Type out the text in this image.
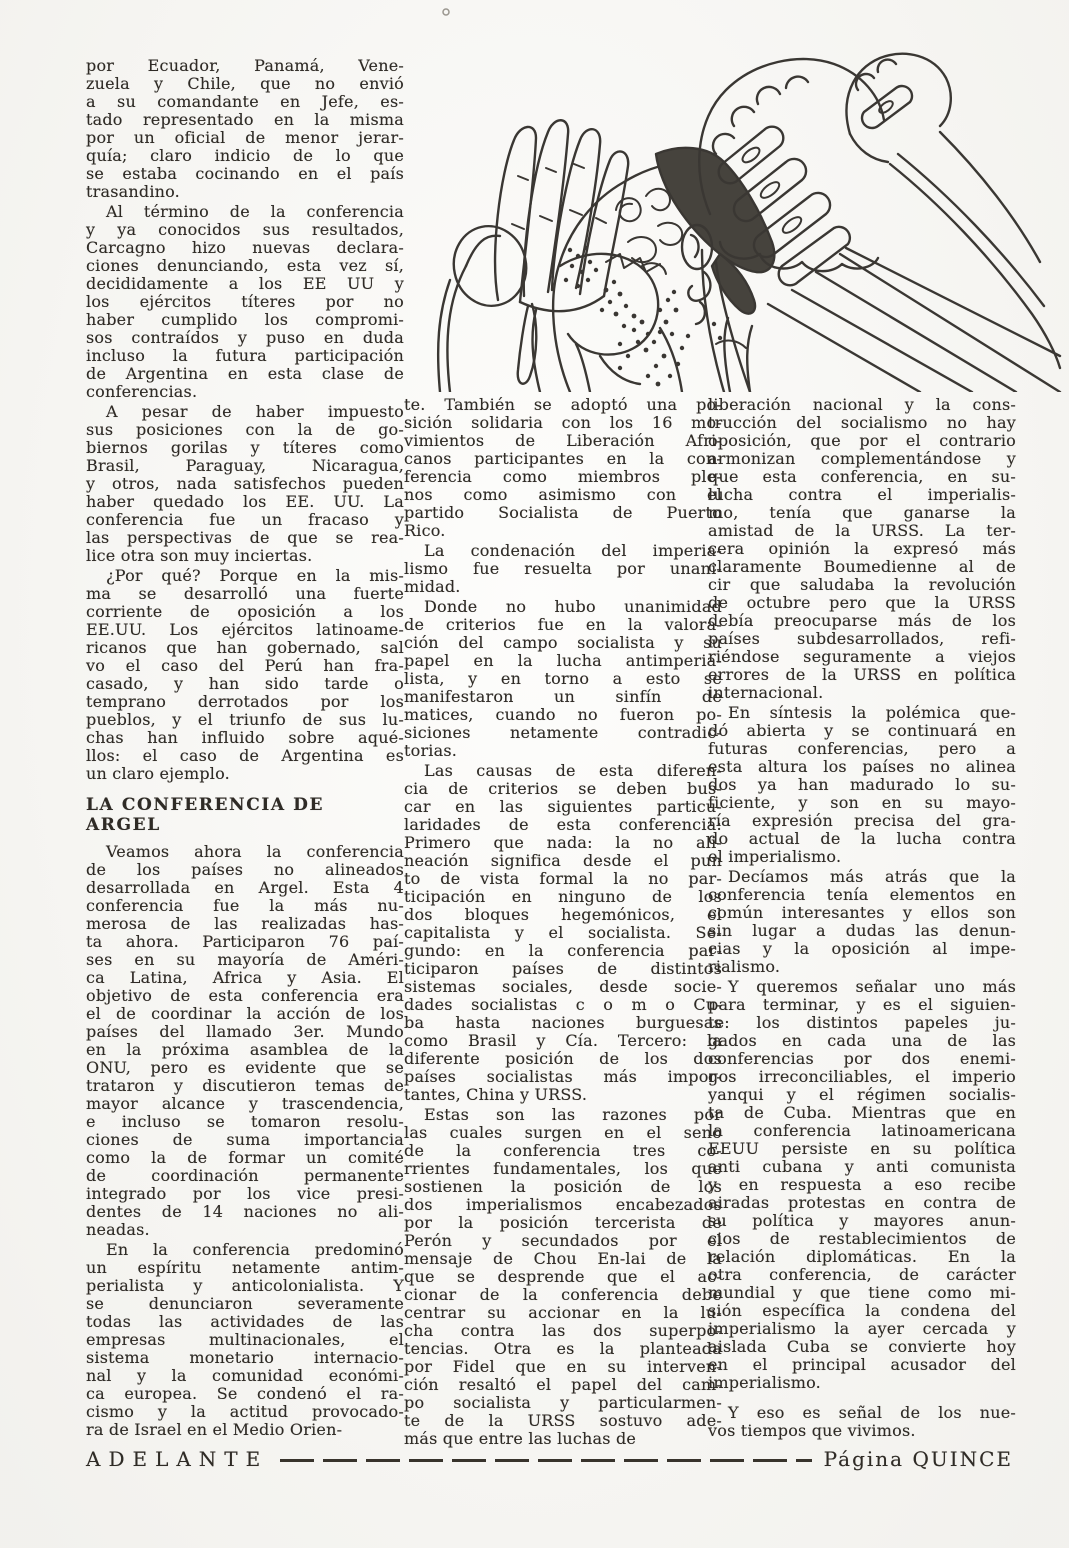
por Ecuador, Panamá, Vene-
zuela y Chile, que no envió
a su comandante en Jefe, es-
tado representado en la misma
por un oficial de menor jerar-
quía; claro indicio de lo que
se estaba cocinando en el país
trasandino.
Al término de la conferencia
y ya conocidos sus resultados,
Carcagno hizo nuevas declara-
ciones denunciando, esta vez sí,
decididamente a los EE UU y
los ejércitos títeres por no
haber cumplido los compromi-
sos contraídos y puso en duda
incluso la futura participación
de Argentina en esta clase de
conferencias.
A pesar de haber impuesto
sus posiciones con la de go-
biernos gorilas y títeres como
Brasil, Paraguay, Nicaragua,
y otros, nada satisfechos pueden
haber quedado los EE. UU. La
conferencia fue un fracaso y
las perspectivas de que se rea-
lice otra son muy inciertas.
¿Por qué? Porque en la mis-
ma se desarrolló una fuerte
corriente de oposición a los
EE.UU. Los ejércitos latinoame-
ricanos que han gobernado, sal
vo el caso del Perú han fra-
casado, y han sido tarde o
temprano derrotados por los
pueblos, y el triunfo de sus lu-
chas han influido sobre aqué-
llos: el caso de Argentina es
un claro ejemplo.
LA CONFERENCIA DE ARGEL
Veamos ahora la conferencia
de los países no alineados
desarrollada en Argel. Esta 4
conferencia fue la más nu-
merosa de las realizadas has-
ta ahora. Participaron 76 paí-
ses en su mayoría de Améri-
ca Latina, Africa y Asia. El
objetivo de esta conferencia era
el de coordinar la acción de los
países del llamado 3er. Mundo
en la próxima asamblea de la
ONU, pero es evidente que se
trataron y discutieron temas de
mayor alcance y trascendencia,
e incluso se tomaron resolu-
ciones de suma importancia
como la de formar un comité
de coordinación permanente
integrado por los vice presi-
dentes de 14 naciones no ali-
neadas.
En la conferencia predominó
un espíritu netamente antim-
perialista y anticolonialista. Y
se denunciaron severamente
todas las actividades de las
empresas multinacionales, el
sistema monetario internacio-
nal y la comunidad económi-
ca europea. Se condenó el ra-
cismo y la actitud provocado-
ra de Israel en el Medio Orien-
te. También se adoptó una po-
sición solidaria con los 16 mo-
vimientos de Liberación Afri-
canos participantes en la con-
ferencia como miembros ple-
nos como asimismo con el
partido Socialista de Puerto
Rico.
La condenación del imperia-
lismo fue resuelta por unani-
midad.
Donde no hubo unanimidad
de criterios fue en la valora-
ción del campo socialista y su
papel en la lucha antimperia-
lista, y en torno a esto se
manifestaron un sinfín de
matices, cuando no fueron po-
siciones netamente contradic-
torias.
Las causas de esta diferen-
cia de criterios se deben bus-
car en las siguientes particu-
laridades de esta conferencia:
Primero que nada: la no ali-
neación significa desde el pun
to de vista formal la no par-
ticipación en ninguno de los
dos bloques hegemónicos, el
capitalista y el socialista. Se-
gundo: en la conferencia par-
ticiparon países de distintos
sistemas sociales, desde socie-
dades socialistas c o m o Cu-
ba hasta naciones burguesas
como Brasil y Cía. Tercero: la
diferente posición de los dos
países socialistas más impor-
tantes, China y URSS.
Estas son las razones por
las cuales surgen en el seno
de la conferencia tres co-
rrientes fundamentales, los que
sostienen la posición de los
dos imperialismos encabezados
por la posición tercerista de
Perón y secundados por el
mensaje de Chou En-lai de la
que se desprende que el ac-
cionar de la conferencia debe
centrar su accionar en la lu-
cha contra las dos superpo-
tencias. Otra es la planteada
por Fidel que en su interven-
ción resaltó el papel del cam-
po socialista y particularmen-
te de la URSS sostuvo ade-
más que entre las luchas de
liberación nacional y la cons-
trucción del socialismo no hay
oposición, que por el contrario
armonizan complementándose y
que esta conferencia, en su-
lucha contra el imperialis-
mo, tenía que ganarse la
amistad de la URSS. La ter-
cera opinión la expresó más
claramente Boumedienne al de
cir que saludaba la revolución
de octubre pero que la URSS
debía preocuparse más de los
países subdesarrollados, refi-
riéndose seguramente a viejos
errores de la URSS en política
internacional.
En síntesis la polémica que-
dó abierta y se continuará en
futuras conferencias, pero a
esta altura los países no alinea
dos ya han madurado lo su-
ficiente, y son en su mayo-
ría expresión precisa del gra-
do actual de la lucha contra
el imperialismo.
Decíamos más atrás que la
conferencia tenía elementos en
común interesantes y ellos son
sin lugar a dudas las denun-
cias y la oposición al impe-
rialismo.
Y queremos señalar uno más
para terminar, y es el siguien-
te: los distintos papeles ju-
gados en cada una de las
conferencias por dos enemi-
gos irreconciliables, el imperio
yanqui y el régimen socialis-
ta de Cuba. Mientras que en
la conferencia latinoamericana
EEUU persiste en su política
anti cubana y anti comunista
y en respuesta a eso recibe
airadas protestas en contra de
su política y mayores anun-
cios de restablecimientos de
relación diplomáticas. En la
otra conferencia, de carácter
mundial y que tiene como mi-
sión específica la condena del
imperialismo la ayer cercada y
aislada Cuba se convierte hoy
en el principal acusador del
imperialismo.
Y eso es señal de los nue-
vos tiempos que vivimos.
ADELANTE	Página QUINCE
